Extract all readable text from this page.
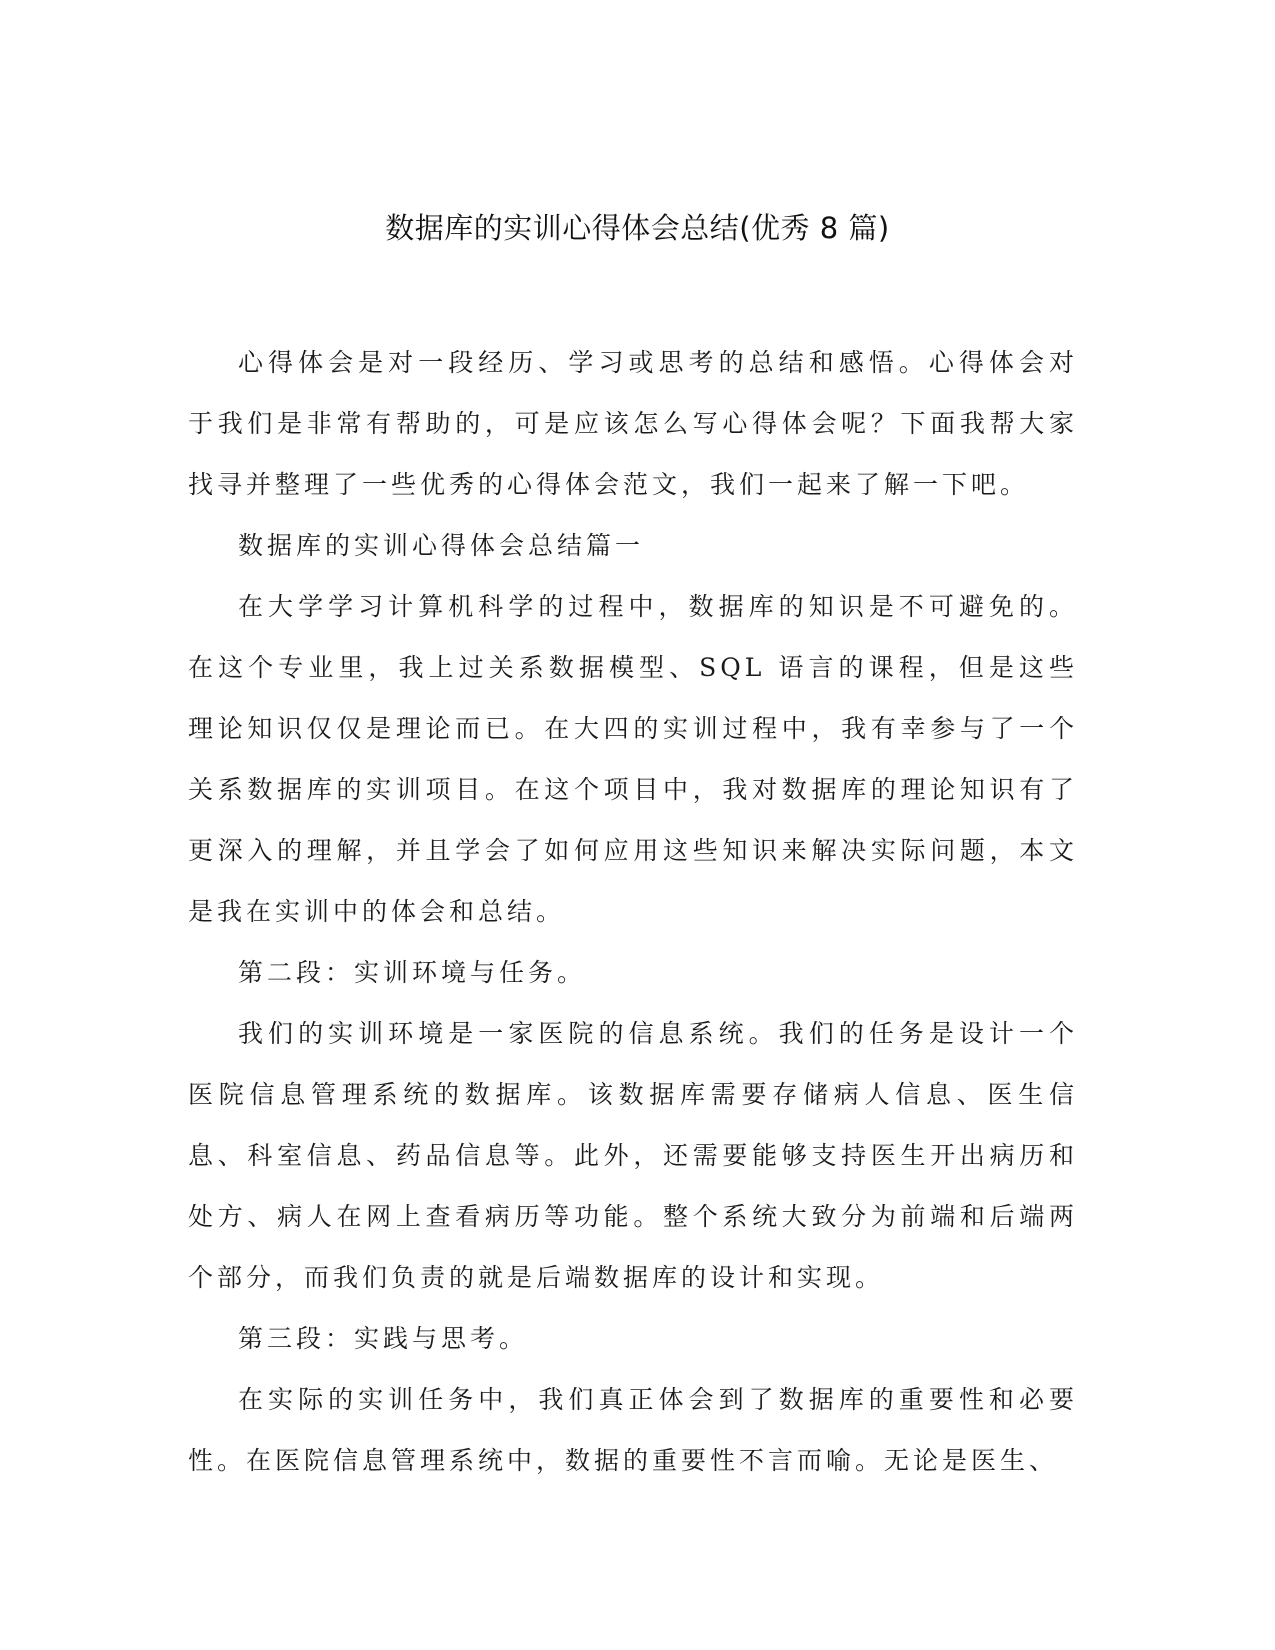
数据库的实训心得体会总结(优秀 8 篇)

心得体会是对一段经历、学习或思考的总结和感悟。心得体会对于我们是非常有帮助的，可是应该怎么写心得体会呢？下面我帮大家找寻并整理了一些优秀的心得体会范文，我们一起来了解一下吧。

数据库的实训心得体会总结篇一

在大学学习计算机科学的过程中，数据库的知识是不可避免的。在这个专业里，我上过关系数据模型、SQL 语言的课程，但是这些理论知识仅仅是理论而已。在大四的实训过程中，我有幸参与了一个关系数据库的实训项目。在这个项目中，我对数据库的理论知识有了更深入的理解，并且学会了如何应用这些知识来解决实际问题，本文是我在实训中的体会和总结。

第二段：实训环境与任务。

我们的实训环境是一家医院的信息系统。我们的任务是设计一个医院信息管理系统的数据库。该数据库需要存储病人信息、医生信息、科室信息、药品信息等。此外，还需要能够支持医生开出病历和处方、病人在网上查看病历等功能。整个系统大致分为前端和后端两个部分，而我们负责的就是后端数据库的设计和实现。

第三段：实践与思考。

在实际的实训任务中，我们真正体会到了数据库的重要性和必要性。在医院信息管理系统中，数据的重要性不言而喻。无论是医生、
